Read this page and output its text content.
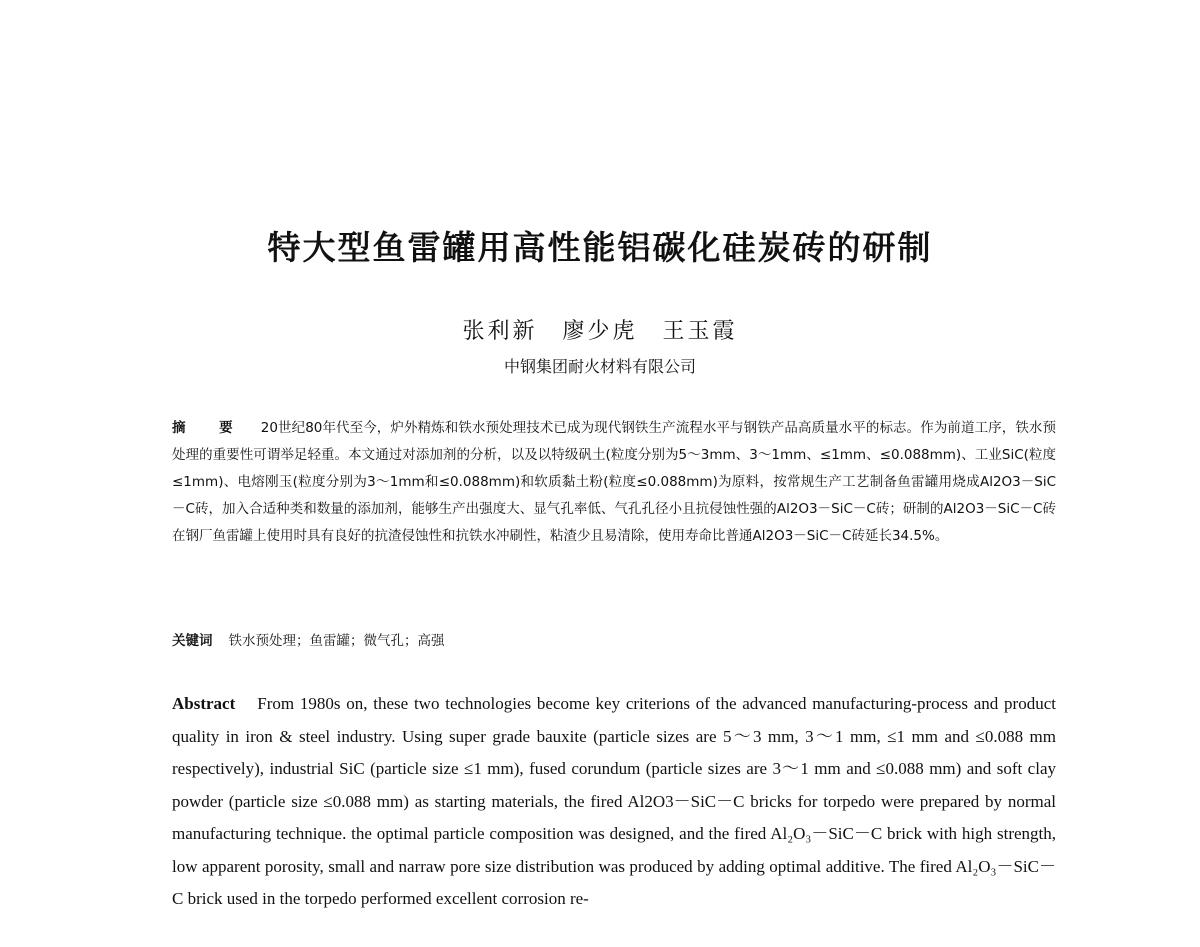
特大型鱼雷罐用高性能铝碳化硅炭砖的研制
张利新　廖少虎　王玉霞
中钢集团耐火材料有限公司
摘　要 20世纪80年代至今，炉外精炼和铁水预处理技术已成为现代钢铁生产流程水平与钢铁产品高质量水平的标志。作为前道工序，铁水预处理的重要性可谓举足轻重。本文通过对添加剂的分析，以及以特级矾土(粒度分别为5～3mm、3～1mm、≤1mm、≤0.088mm)、工业SiC(粒度≤1mm)、电熔刚玉(粒度分别为3～1mm和≤0.088mm)和软质黏土粉(粒度≤0.088mm)为原料，按常规生产工艺制备鱼雷罐用烧成Al2O3－SiC－C砖，加入合适种类和数量的添加剂，能够生产出强度大、显气孔率低、气孔孔径小且抗侵蚀性强的Al2O3－SiC－C砖；研制的Al2O3－SiC－C砖在钢厂鱼雷罐上使用时具有良好的抗渣侵蚀性和抗铁水冲刷性，粘渣少且易清除，使用寿命比普通Al2O3－SiC－C砖延长34.5%。
关键词 铁水预处理；鱼雷罐；微气孔；高强
Abstract From 1980s on, these two technologies become key criterions of the advanced manufacturing-process and product quality in iron & steel industry. Using super grade bauxite (particle sizes are 5～3 mm, 3～1 mm, ≤1 mm and ≤0.088 mm respectively), industrial SiC (particle size ≤1 mm), fused corundum (particle sizes are 3～1 mm and ≤0.088 mm) and soft clay powder (particle size ≤0.088 mm) as starting materials, the fired Al2O3－SiC－C bricks for torpedo were prepared by normal manufacturing technique. the optimal particle composition was designed, and the fired Al₂O₃－SiC－C brick with high strength, low apparent porosity, small and narraw pore size distribution was produced by adding optimal additive. The fired Al₂O₃－SiC－C brick used in the torpedo performed excellent corrosion re-
